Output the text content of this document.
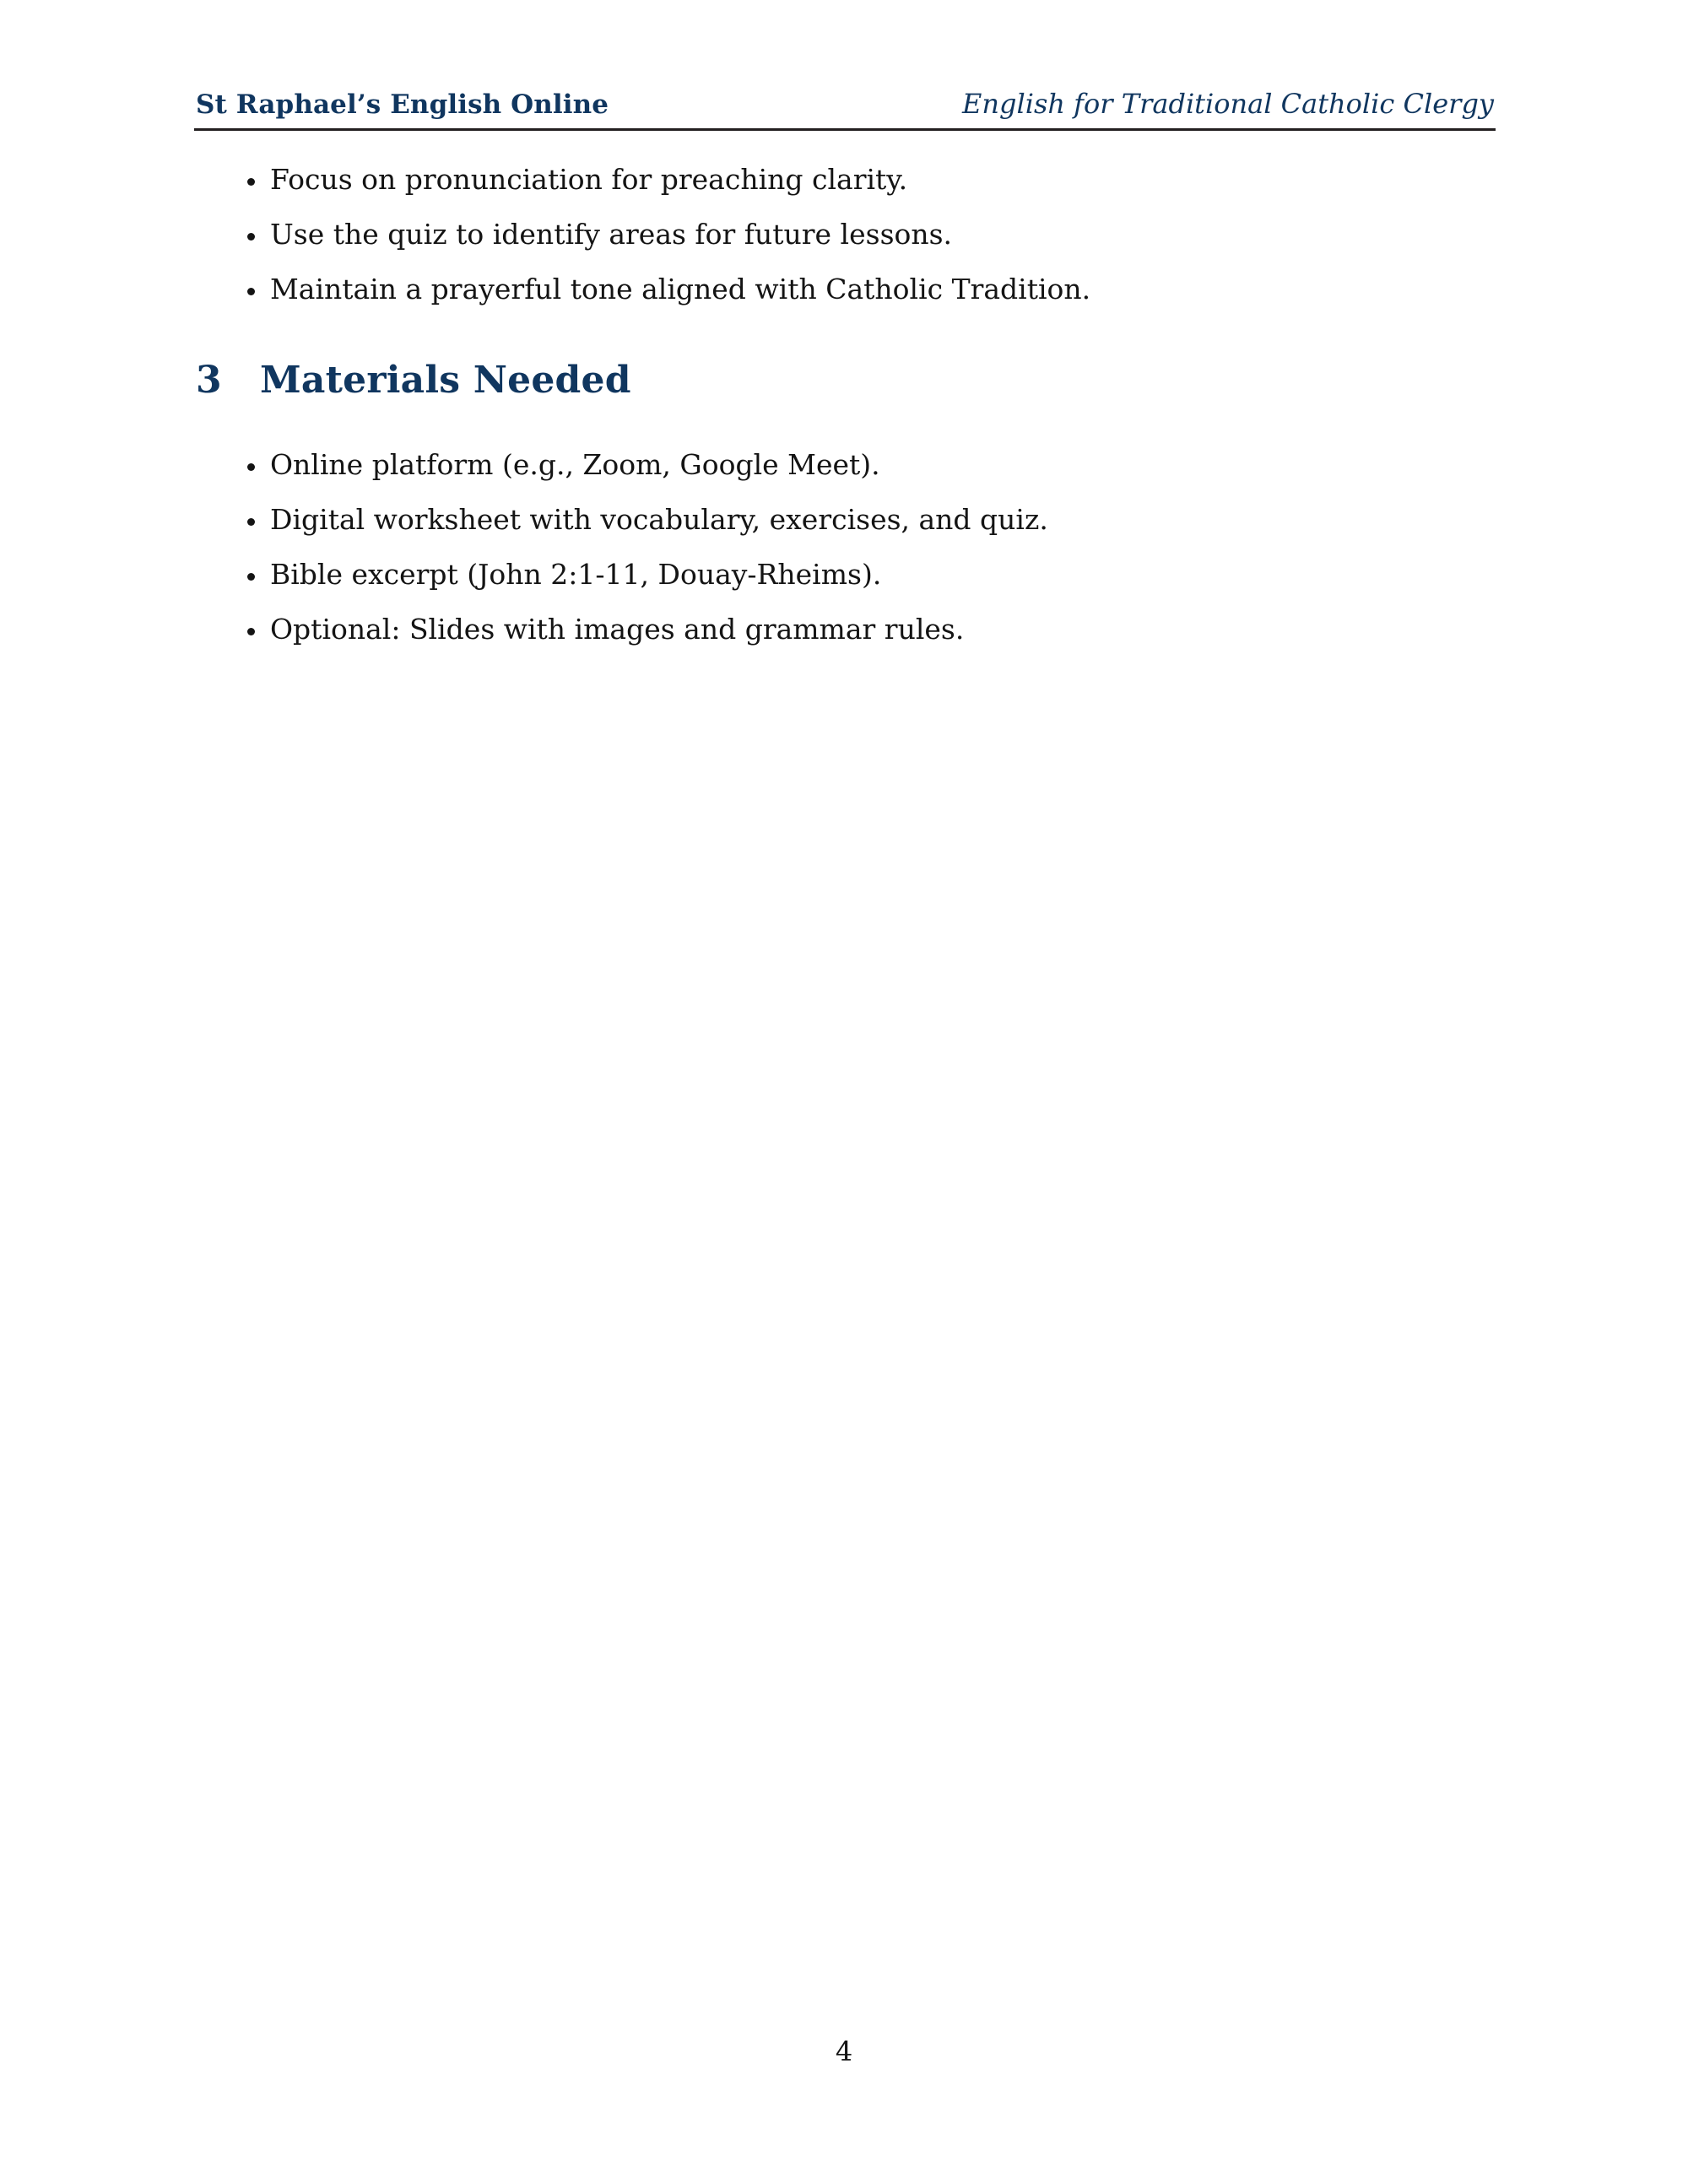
St Raphael’s English Online	English for Traditional Catholic Clergy
Focus on pronunciation for preaching clarity.
Use the quiz to identify areas for future lessons.
Maintain a prayerful tone aligned with Catholic Tradition.
3	Materials Needed
Online platform (e.g., Zoom, Google Meet).
Digital worksheet with vocabulary, exercises, and quiz.
Bible excerpt (John 2:1-11, Douay-Rheims).
Optional: Slides with images and grammar rules.
4
